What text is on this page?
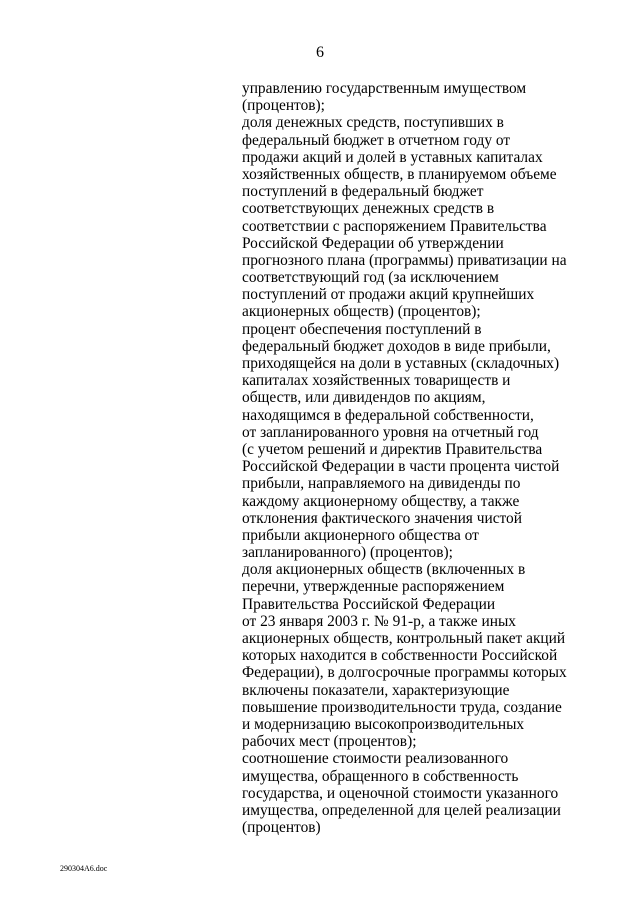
6
управлению государственным имуществом
(процентов);
доля денежных средств, поступивших в
федеральный бюджет в отчетном году от
продажи акций и долей в уставных капиталах
хозяйственных обществ, в планируемом объеме
поступлений в федеральный бюджет
соответствующих денежных средств в
соответствии с распоряжением Правительства
Российской Федерации об утверждении
прогнозного плана (программы) приватизации на
соответствующий год (за исключением
поступлений от продажи акций крупнейших
акционерных обществ) (процентов);
процент обеспечения поступлений в
федеральный бюджет доходов в виде прибыли,
приходящейся на доли в уставных (складочных)
капиталах хозяйственных товариществ и
обществ, или дивидендов по акциям,
находящимся в федеральной собственности,
от запланированного уровня на отчетный год
(с учетом решений и директив Правительства
Российской Федерации в части процента чистой
прибыли, направляемого на дивиденды по
каждому акционерному обществу, а также
отклонения фактического значения чистой
прибыли акционерного общества от
запланированного) (процентов);
доля акционерных обществ (включенных в
перечни, утвержденные распоряжением
Правительства Российской Федерации
от 23 января 2003 г. № 91-р, а также иных
акционерных обществ, контрольный пакет акций
которых находится в собственности Российской
Федерации), в долгосрочные программы которых
включены показатели, характеризующие
повышение производительности труда, создание
и модернизацию высокопроизводительных
рабочих мест (процентов);
соотношение стоимости реализованного
имущества, обращенного в собственность
государства, и оценочной стоимости указанного
имущества, определенной для целей реализации
(процентов)
290304A6.doc
